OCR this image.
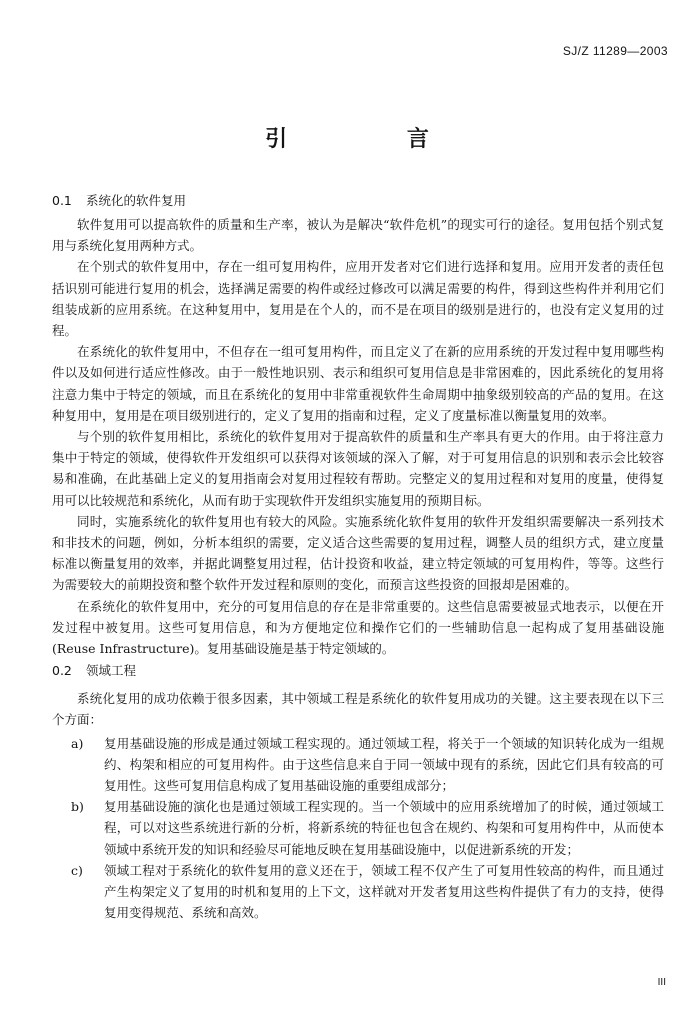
SJ/Z 11289—2003
引 言
0.1 系统化的软件复用

软件复用可以提高软件的质量和生产率，被认为是解决“软件危机”的现实可行的途径。复用包括个别式复用与系统化复用两种方式。

在个别式的软件复用中，存在一组可复用构件，应用开发者对它们进行选择和复用。应用开发者的责任包括识别可能进行复用的机会，选择满足需要的构件或经过修改可以满足需要的构件，得到这些构件并利用它们组装成新的应用系统。在这种复用中，复用是在个人的，而不是在项目的级别是进行的，也没有定义复用的过程。

在系统化的软件复用中，不但存在一组可复用构件，而且定义了在新的应用系统的开发过程中复用哪些构件以及如何进行适应性修改。由于一般性地识别、表示和组织可复用信息是非常困难的，因此系统化的复用将注意力集中于特定的领域，而且在系统化的复用中非常重视软件生命周期中抽象级别较高的产品的复用。在这种复用中，复用是在项目级别进行的，定义了复用的指南和过程，定义了度量标准以衡量复用的效率。

与个别的软件复用相比，系统化的软件复用对于提高软件的质量和生产率具有更大的作用。由于将注意力集中于特定的领域，使得软件开发组织可以获得对该领域的深入了解，对于可复用信息的识别和表示会比较容易和准确，在此基础上定义的复用指南会对复用过程较有帮助。完整定义的复用过程和对复用的度量，使得复用可以比较规范和系统化，从而有助于实现软件开发组织实施复用的预期目标。

同时，实施系统化的软件复用也有较大的风险。实施系统化软件复用的软件开发组织需要解决一系列技术和非技术的问题，例如，分析本组织的需要，定义适合这些需要的复用过程，调整人员的组织方式，建立度量标准以衡量复用的效率，并据此调整复用过程，估计投资和收益，建立特定领域的可复用构件，等等。这些行为需要较大的前期投资和整个软件开发过程和原则的变化，而预言这些投资的回报却是困难的。

在系统化的软件复用中，充分的可复用信息的存在是非常重要的。这些信息需要被显式地表示，以便在开发过程中被复用。这些可复用信息，和为方便地定位和操作它们的一些辅助信息一起构成了复用基础设施(Reuse Infrastructure)。复用基础设施是基于特定领域的。

0.2 领域工程

系统化复用的成功依赖于很多因素，其中领域工程是系统化的软件复用成功的关键。这主要表现在以下三个方面：

a)	复用基础设施的形成是通过领域工程实现的。通过领域工程，将关于一个领域的知识转化成为一组规约、构架和相应的可复用构件。由于这些信息来自于同一领域中现有的系统，因此它们具有较高的可复用性。这些可复用信息构成了复用基础设施的重要组成部分；
b)	复用基础设施的演化也是通过领域工程实现的。当一个领域中的应用系统增加了的时候，通过领域工程，可以对这些系统进行新的分析，将新系统的特征也包含在规约、构架和可复用构件中，从而使本领域中系统开发的知识和经验尽可能地反映在复用基础设施中，以促进新系统的开发；
c)	领域工程对于系统化的软件复用的意义还在于，领域工程不仅产生了可复用性较高的构件，而且通过产生构架定义了复用的时机和复用的上下文，这样就对开发者复用这些构件提供了有力的支持，使得复用变得规范、系统和高效。
III
